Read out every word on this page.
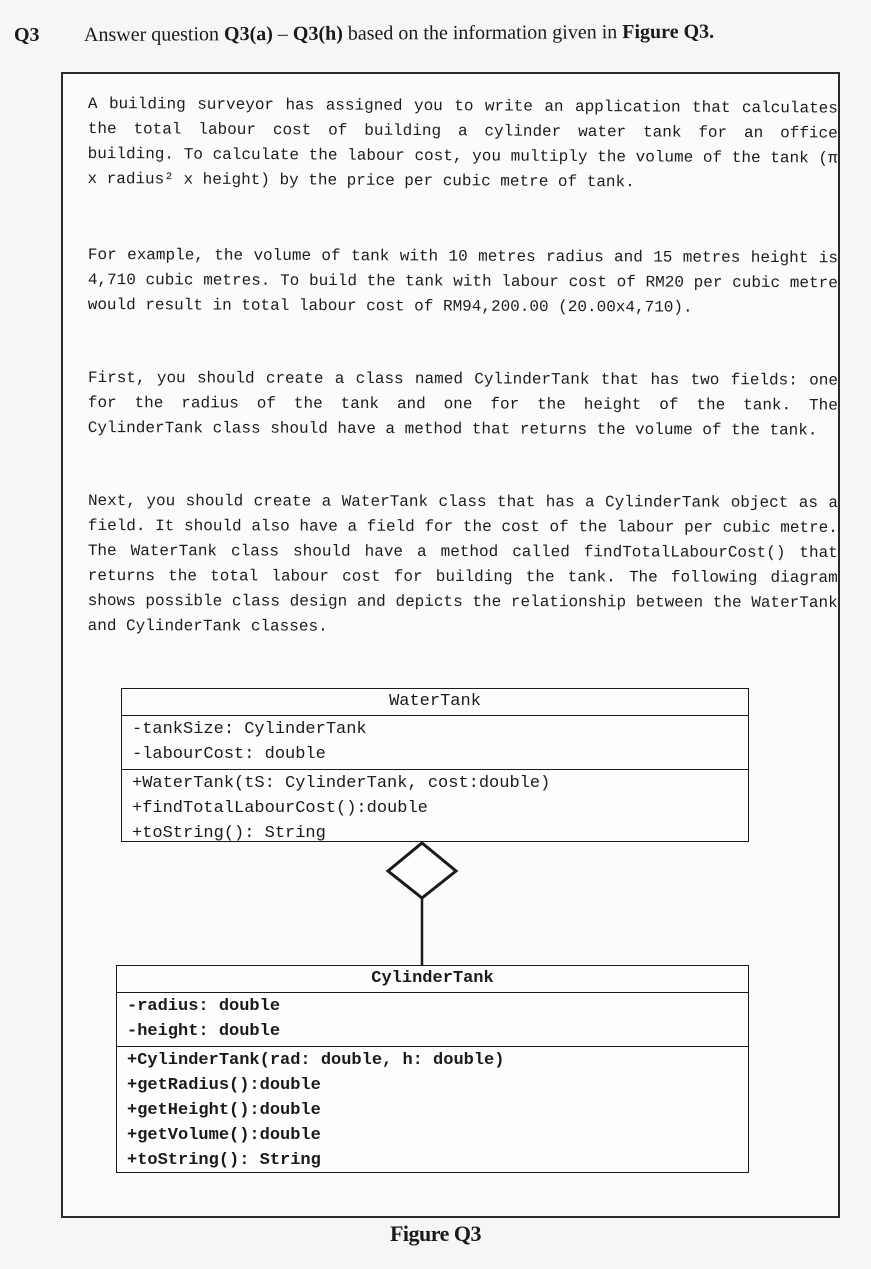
Q3 Answer question Q3(a) – Q3(h) based on the information given in Figure Q3.

A building surveyor has assigned you to write an application that calculates the total labour cost of building a cylinder water tank for an office building. To calculate the labour cost, you multiply the volume of the tank (π x radius² x height) by the price per cubic metre of tank.

For example, the volume of tank with 10 metres radius and 15 metres height is 4,710 cubic metres. To build the tank with labour cost of RM20 per cubic metre would result in total labour cost of RM94,200.00 (20.00x4,710).

First, you should create a class named CylinderTank that has two fields: one for the radius of the tank and one for the height of the tank. The CylinderTank class should have a method that returns the volume of the tank.

Next, you should create a WaterTank class that has a CylinderTank object as a field. It should also have a field for the cost of the labour per cubic metre. The WaterTank class should have a method called findTotalLabourCost() that returns the total labour cost for building the tank. The following diagram shows possible class design and depicts the relationship between the WaterTank and CylinderTank classes.

WaterTank
-tankSize: CylinderTank
-labourCost: double
+WaterTank(tS: CylinderTank, cost:double)
+findTotalLabourCost():double
+toString(): String
CylinderTank
-radius: double
-height: double
+CylinderTank(rad: double, h: double)
+getRadius():double
+getHeight():double
+getVolume():double
+toString(): String
Figure Q3
